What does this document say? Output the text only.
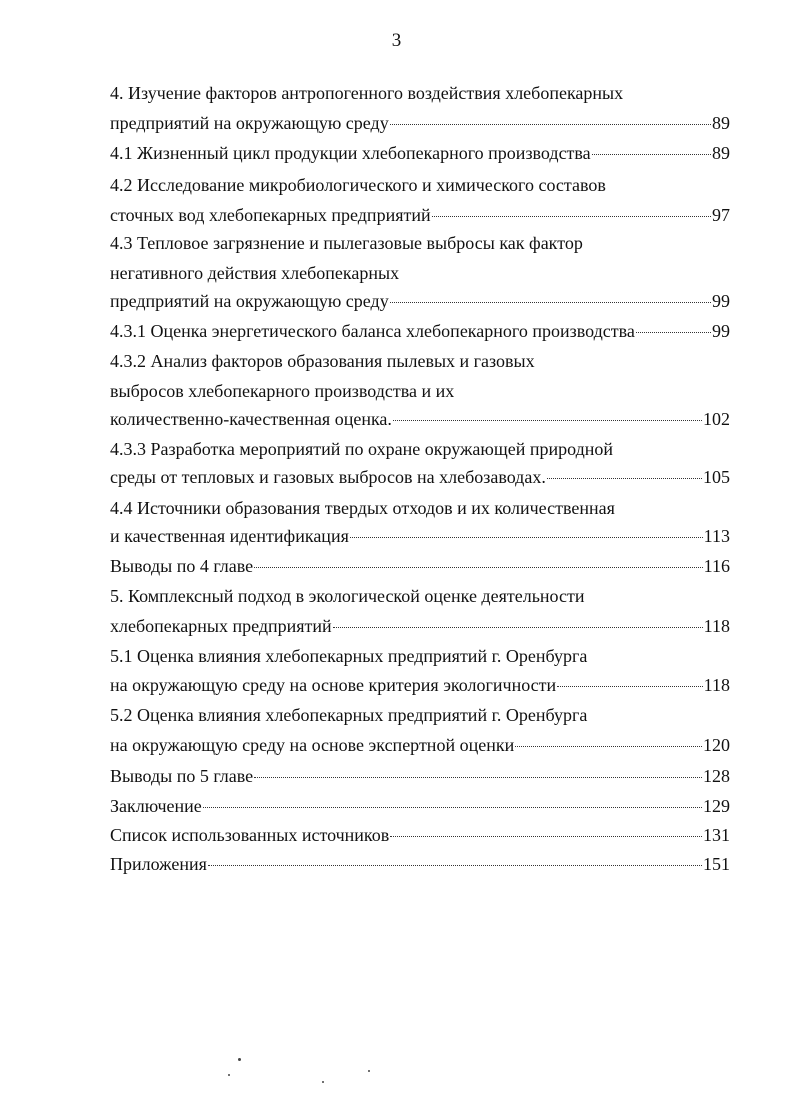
3
4. Изучение факторов антропогенного воздействия хлебопекарных
предприятий на окружающую среду	89
4.1 Жизненный цикл продукции хлебопекарного производства	89
4.2 Исследование микробиологического и химического составов
сточных вод хлебопекарных предприятий	97
4.3 Тепловое загрязнение и пылегазовые выбросы как фактор
негативного действия хлебопекарных
предприятий на окружающую среду	99
4.3.1 Оценка энергетического баланса хлебопекарного производства	99
4.3.2 Анализ факторов образования пылевых и газовых
выбросов хлебопекарного производства и их
количественно-качественная оценка.	102
4.3.3 Разработка мероприятий по охране окружающей природной
среды от тепловых и газовых выбросов на хлебозаводах.	105
4.4 Источники образования твердых отходов и их количественная
и качественная идентификация	113
Выводы по 4 главе	116
5. Комплексный подход в экологической оценке деятельности
хлебопекарных предприятий	118
5.1 Оценка влияния хлебопекарных предприятий г. Оренбурга
на окружающую среду на основе критерия экологичности	118
5.2 Оценка влияния хлебопекарных предприятий г. Оренбурга
на окружающую среду на основе экспертной оценки	120
Выводы по 5 главе	128
Заключение	129
Список использованных источников	131
Приложения	151
